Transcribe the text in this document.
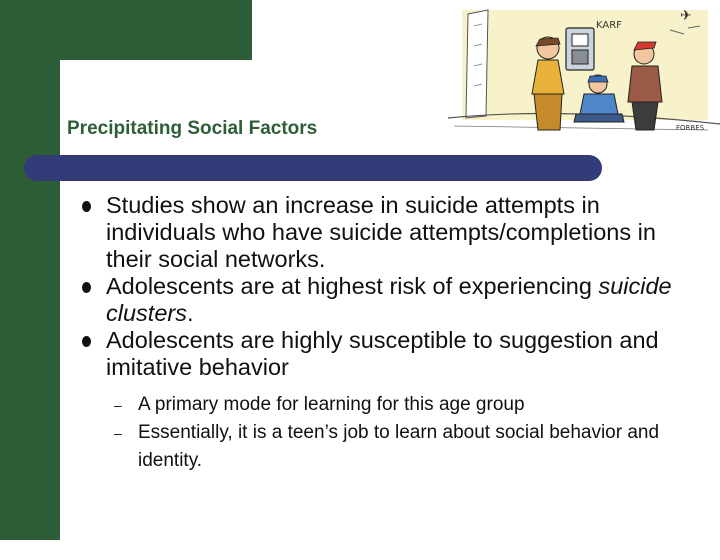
KARF
✈
FORBES
Precipitating Social Factors
Studies show an increase in suicide attempts in individuals who have suicide attempts/completions in their social networks.
Adolescents are at highest risk of experiencing suicide clusters.
Adolescents are highly susceptible to suggestion and imitative behavior
– A primary mode for learning for this age group
– Essentially, it is a teen’s job to learn about social behavior and identity.
